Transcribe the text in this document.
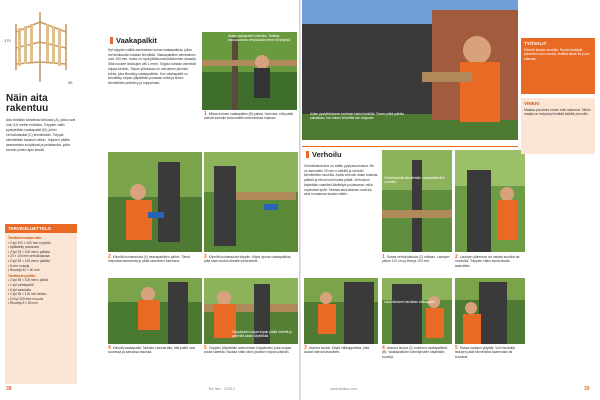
170
35
Näin aita rakentuu
Aita tehdään kahdesta lohkosta (A), jotka ovat noin 3,6 metrin mittaisia. Tolppien väliin pystytetään vaakapalkit (B), joihin verhoilulaudat (C) kiinnitetään. Tolppia kiinnitetään tasaisin välein. Tolppien päälle asennetaan suojalistat ja peitelaudat, jotka kerroin yhden ajan kesää.
TARVIKELUETTELO
Tarvikkeet aitaan näin:
• 2 kpl 100 × 100 mm:n pylväs
• kyllästetty puutavara
• 2 kpl 25 × 100 mm:n palkkia
• 20 × 100 mm verhoilulautaa
• 2 kpl 35 × 120 mm:n palkkia
• 5 mm ruuveja
• Ruuveja 42 × 60 mm
Tarvikkeet portille:
• 2 kpl 35 × 100 mm:n palkki
• 1 kpl valmisportti
• 6 kpl saranoita
• 1 kpl 35 × 120 mm lankku
• 10 kpl 100 mm:n ruuvia
• Ruuveja 5 × 60 mm
Vaakapalkit
Nyt tolppien välille asennetaan kolme vaakapalkkia, joihin verhoilulaudat voidaan kiinnittää. Vaakapalkkien alimmainen noin 150 mm, mutta on hyvä jättää mahdollisimman alhaalla. Siitä nousee lankkujen väli 1 metri. Tolppia tuetaan valmiisiin tolppa-kenkiin. Tolpan yläosassa on vahvikeen pituinen kohta, joka kiinnittyy vaakapalkkiin. Kun vaakapalkit on kiinnitetty, tolpan yläpäähän porataan reikä ja siihen kiinnitetään peitelevy ja tolppahattu.
Aseta vaakapalkki valmiiksi. Tarkista vaakasuoruus vesivaa'alla ennen kiinnitystä.
1 Mittaa kolmen vaakapalkin (B) paikat. Varmista, että palkit tulevat samalle korkeudelle molemmissa tolpissa.
2 Kiinnitä kulmaraudat (X) vaakapalkkien päihin. Tämä helpottaa asennusta ja pitää rakenteen tukevana.
3 Kiinnitä kulmaraudat tolppiin. Käytä apuna vaakapalkkia, jotta saat raudat oikealle korkeudelle.
4 Kiinnitä vaakapalkit. Tarkista vesivaa'alla, että palkit ovat suorassa ja samassa tasossa.
Tolppahattu suojaa tolpan päätä vedeltä ja pidentää aidan käyttöikää.
5 Tolppien yläpäähän asennetaan tolppahattu, joka suojaa puuta sateelta. Naulaa hattu kiinni jokaisen tolpan päähän.
Tee Itse · 2/2012
38
Aidan pystyttämiseen tarvitaan kaksi henkilöä. Toinen pitää palkkia paikallaan, kun toinen kiinnittää sen tolppaan.
Verhoilu
Verhoilulaudoitus on valittu pystysuunnassa. Ne on asennettu 20 mm:n väleillä ja verhoilu kiinnitetään ruuveilla. Aloita verhoilu aidan toisesta päästä ja etene kohti toista päätä. Verhoiluun käytetään valmiiksi käsiteltyä puutavaraa, mikä nopeuttaa työtä. Tarkista laudoituksen suoruus aina muutaman laudan välein.
Verhoilulaudat kiinnitetään vaakapalkkeihin ruuveilla.
1 Sahaa verhoilulaudat (C) mittaan. Lautojen pituus 170 cm ja leveys 100 mm.
2 Lautojen yläreunat voi sahata suoriksi tai muotoilla. Tolppien väliin aseta laudat tasavälein.
3 Asenna laudat. Käytä välikappaletta, jotta laudat tulevat tasavälein.
Laudoitukseen tarvitaan välikappale.
4 Asenna laudat (C) kolmeen vaakapalkkiin (B). Vaakapalkkien kiinnitykseen käytetään ruuveja.
5 Sahaa lautojen yläpäät. Voit muotoilla lautojen päät esimerkiksi kaarevaksi tai suoraksi.
TYÖVALIT

Kiinnitä laudat ruuveilla. Ruuvit kestävät paremmin kuin naulat, eivätkä lähde irti puun eläessä.

VINKKI

Maalaa puuaines ennen kuin rakennat. Silloin maalia on helpompi levittää kaikille pinnoille.

www.teeitse.com	39
